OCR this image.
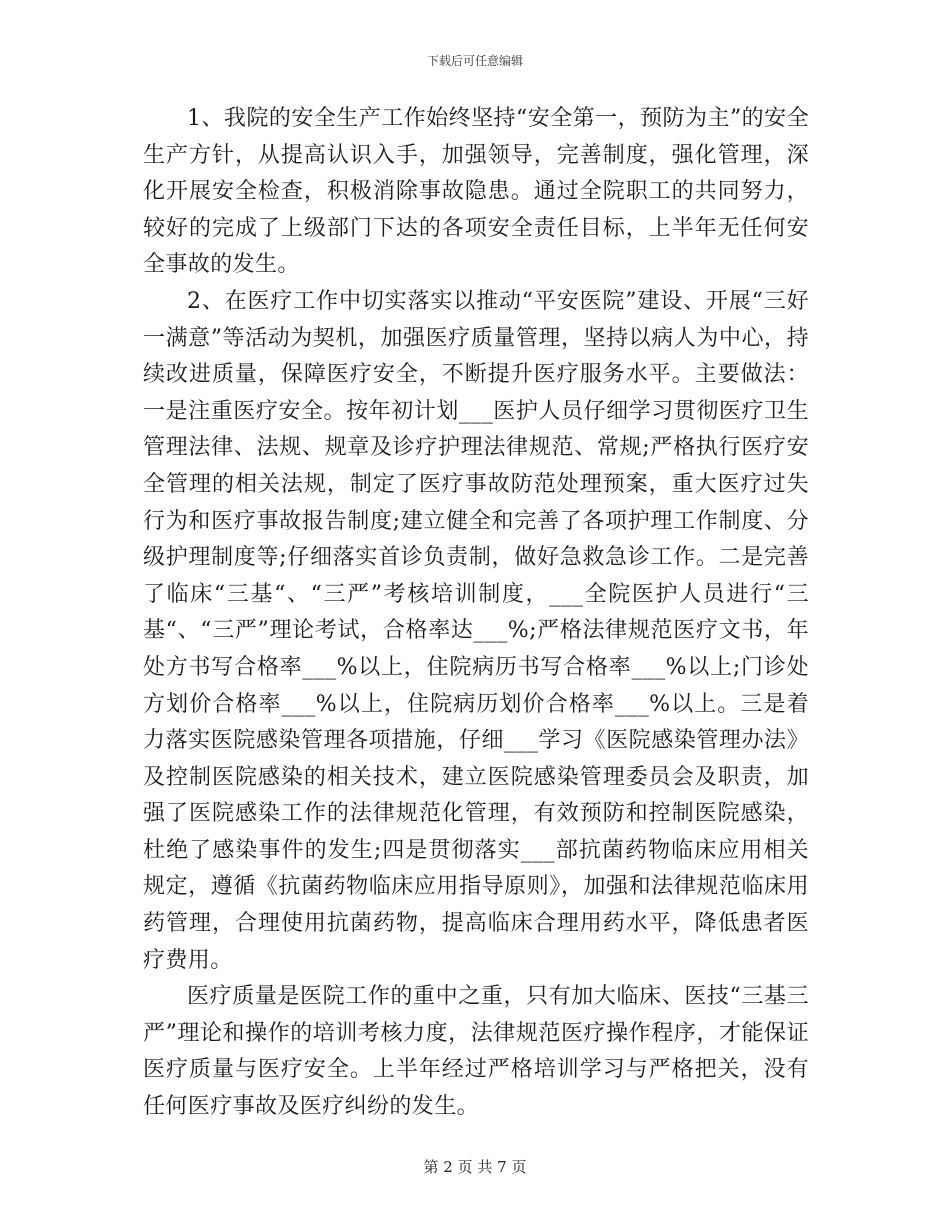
下载后可任意编辑

1、我院的安全生产工作始终坚持“安全第一，预防为主”的安全生产方针，从提高认识入手，加强领导，完善制度，强化管理，深化开展安全检查，积极消除事故隐患。通过全院职工的共同努力，较好的完成了上级部门下达的各项安全责任目标，上半年无任何安全事故的发生。

2、在医疗工作中切实落实以推动“平安医院”建设、开展“三好一满意”等活动为契机，加强医疗质量管理，坚持以病人为中心，持续改进质量，保障医疗安全，不断提升医疗服务水平。主要做法：一是注重医疗安全。按年初计划___医护人员仔细学习贯彻医疗卫生管理法律、法规、规章及诊疗护理法律规范、常规;严格执行医疗安全管理的相关法规，制定了医疗事故防范处理预案，重大医疗过失行为和医疗事故报告制度;建立健全和完善了各项护理工作制度、分级护理制度等;仔细落实首诊负责制，做好急救急诊工作。二是完善了临床“三基“、“三严”考核培训制度，___全院医护人员进行“三基“、“三严”理论考试，合格率达___%;严格法律规范医疗文书，年处方书写合格率___%以上，住院病历书写合格率___%以上;门诊处方划价合格率___%以上，住院病历划价合格率___%以上。三是着力落实医院感染管理各项措施，仔细___学习《医院感染管理办法》及控制医院感染的相关技术，建立医院感染管理委员会及职责，加强了医院感染工作的法律规范化管理，有效预防和控制医院感染，杜绝了感染事件的发生;四是贯彻落实___部抗菌药物临床应用相关规定，遵循《抗菌药物临床应用指导原则》，加强和法律规范临床用药管理，合理使用抗菌药物，提高临床合理用药水平，降低患者医疗费用。

医疗质量是医院工作的重中之重，只有加大临床、医技“三基三严”理论和操作的培训考核力度，法律规范医疗操作程序，才能保证医疗质量与医疗安全。上半年经过严格培训学习与严格把关，没有任何医疗事故及医疗纠纷的发生。

第 2 页 共 7 页
